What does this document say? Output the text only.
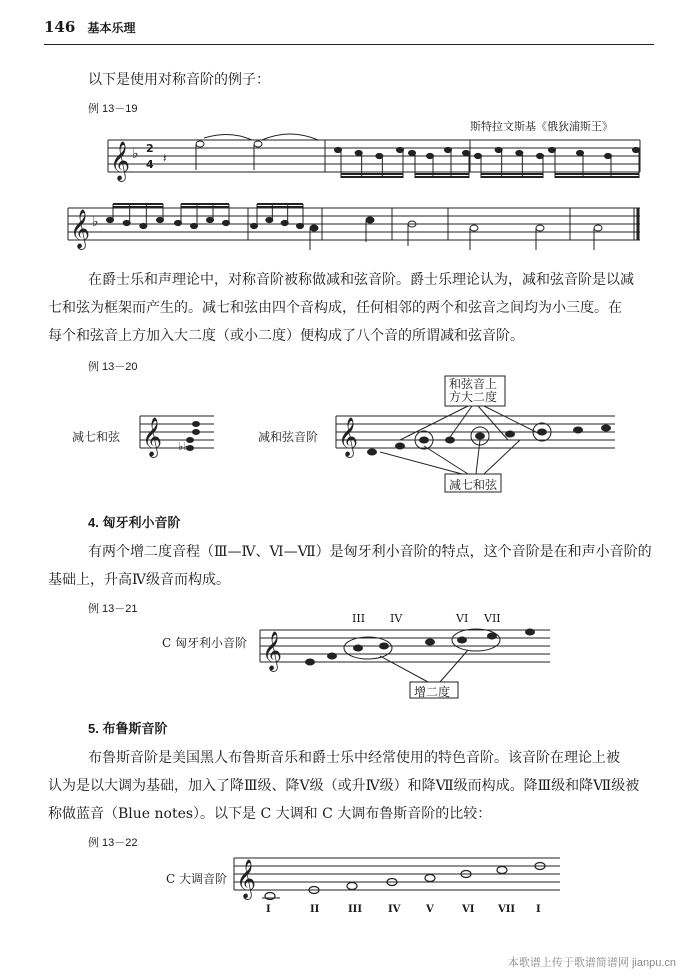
146 基本乐理
以下是使用对称音阶的例子：
例 13－19
斯特拉文斯基《俄狄浦斯王》
𝄞 ♭ 2
4 𝄽
𝄞 ♭
𝄞	𝄞
♭♭
𝄞
𝄞
在爵士乐和声理论中，对称音阶被称做减和弦音阶。爵士乐理论认为，减和弦音阶是以减
七和弦为框架而产生的。减七和弦由四个音构成，任何相邻的两个和弦音之间均为小三度。在
每个和弦音上方加入大二度（或小二度）便构成了八个音的所谓减和弦音阶。
例 13－20
减七和弦	减和弦音阶
和弦音上
方大二度
减七和弦
4. 匈牙利小音阶
有两个增二度音程（Ⅲ—Ⅳ、Ⅵ—Ⅶ）是匈牙利小音阶的特点，这个音阶是在和声小音阶的
基础上，升高Ⅳ级音而构成。
例 13－21
C 匈牙利小音阶
III IV	VI VII
增二度
5. 布鲁斯音阶
布鲁斯音阶是美国黑人布鲁斯音乐和爵士乐中经常使用的特色音阶。该音阶在理论上被
认为是以大调为基础，加入了降Ⅲ级、降Ⅴ级（或升Ⅳ级）和降Ⅶ级而构成。降Ⅲ级和降Ⅶ级被
称做蓝音（Blue notes）。以下是 C 大调和 C 大调布鲁斯音阶的比较：
例 13－22
C 大调音阶
I	II	III	IV	V	VI VII I
本歌谱上传于歌谱简谱网 jianpu.cn
